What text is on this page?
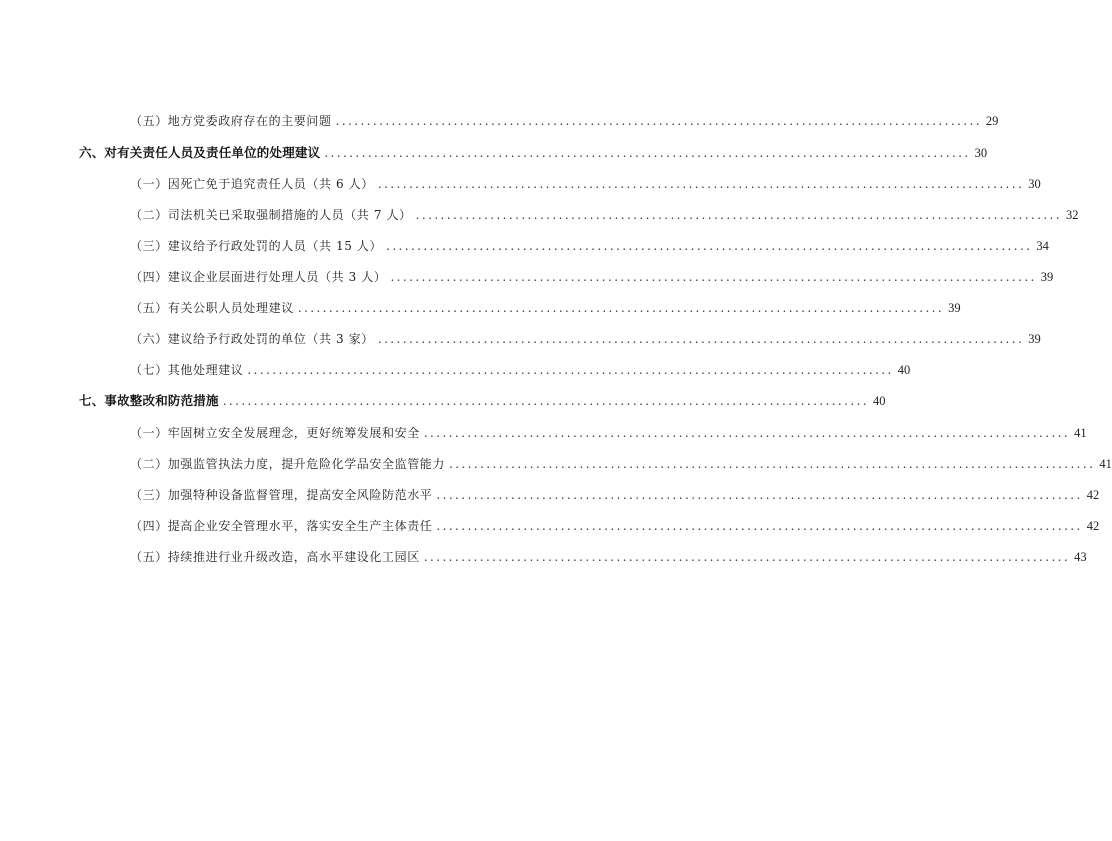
（五）地方党委政府存在的主要问题 ........................................................................................................ 29
六、对有关责任人员及责任单位的处理建议 ........................................................................................................ 30
（一）因死亡免于追究责任人员（共 6 人） ........................................................................................................ 30
（二）司法机关已采取强制措施的人员（共 7 人） ........................................................................................................ 32
（三）建议给予行政处罚的人员（共 15 人） ........................................................................................................ 34
（四）建议企业层面进行处理人员（共 3 人） ........................................................................................................ 39
（五）有关公职人员处理建议 ........................................................................................................ 39
（六）建议给予行政处罚的单位（共 3 家） ........................................................................................................ 39
（七）其他处理建议 ........................................................................................................ 40
七、事故整改和防范措施 ........................................................................................................ 40
（一）牢固树立安全发展理念，更好统筹发展和安全 ........................................................................................................ 41
（二）加强监管执法力度，提升危险化学品安全监管能力 ........................................................................................................ 41
（三）加强特种设备监督管理，提高安全风险防范水平 ........................................................................................................ 42
（四）提高企业安全管理水平，落实安全生产主体责任 ........................................................................................................ 42
（五）持续推进行业升级改造，高水平建设化工园区 ........................................................................................................ 43
